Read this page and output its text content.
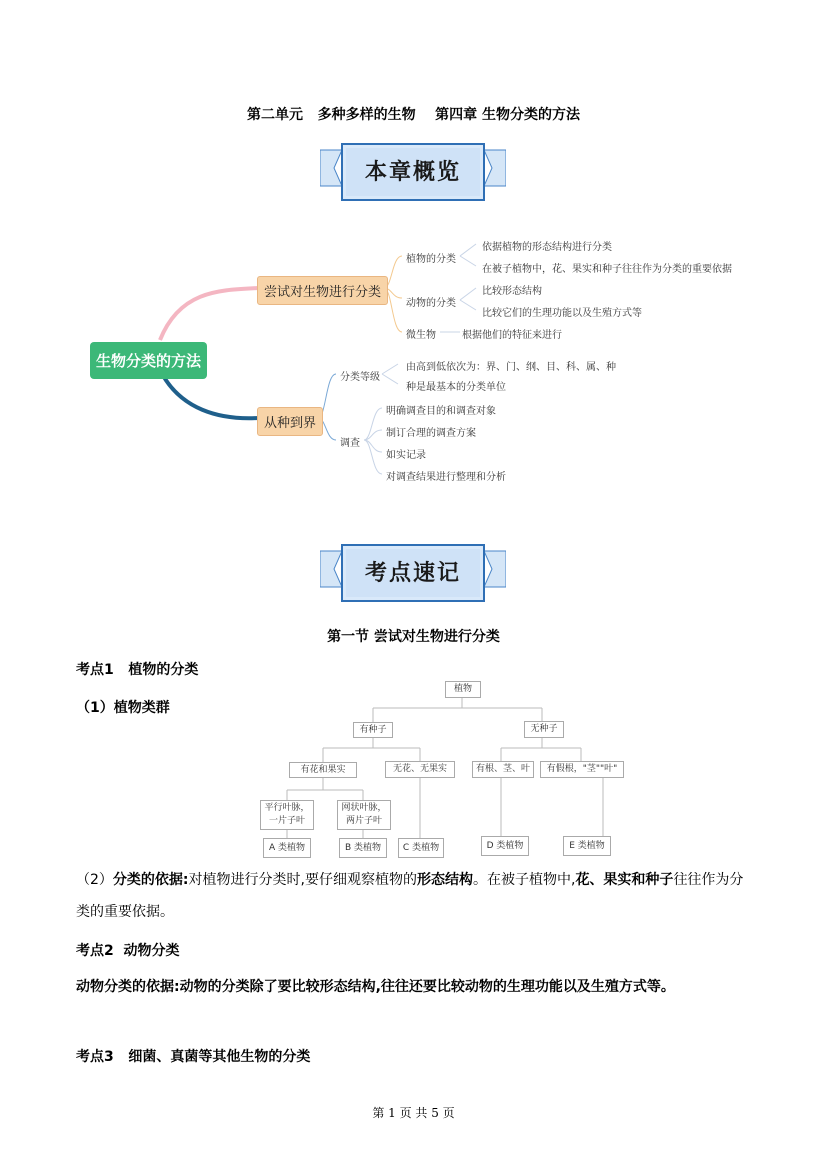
第二单元   多种多样的生物    第四章 生物分类的方法
本章概览
生物分类的方法
尝试对生物进行分类
从种到界
植物的分类
依据植物的形态结构进行分类
在被子植物中，花、果实和种子往往作为分类的重要依据
动物的分类
比较形态结构
比较它们的生理功能以及生殖方式等
微生物	根据他们的特征来进行
分类等级
由高到低依次为：界、门、纲、目、科、属、种
种是最基本的分类单位
调查
明确调查目的和调查对象
制订合理的调查方案
如实记录
对调查结果进行整理和分析
考点速记
第一节 尝试对生物进行分类
考点1   植物的分类
（1）植物类群
植物
有种子	无种子
有花和果实	无花、无果实	有根、茎、叶	有假根，"茎""叶"
平行叶脉，
一片子叶
网状叶脉，
两片子叶
A 类植物	B 类植物	C 类植物	D 类植物	E 类植物
（2）分类的依据:对植物进行分类时,要仔细观察植物的形态结构。在被子植物中,花、果实和种子往往作为分类的重要依据。
考点2  动物分类
动物分类的依据:动物的分类除了要比较形态结构,往往还要比较动物的生理功能以及生殖方式等。
考点3   细菌、真菌等其他生物的分类
第 1 页 共 5 页
